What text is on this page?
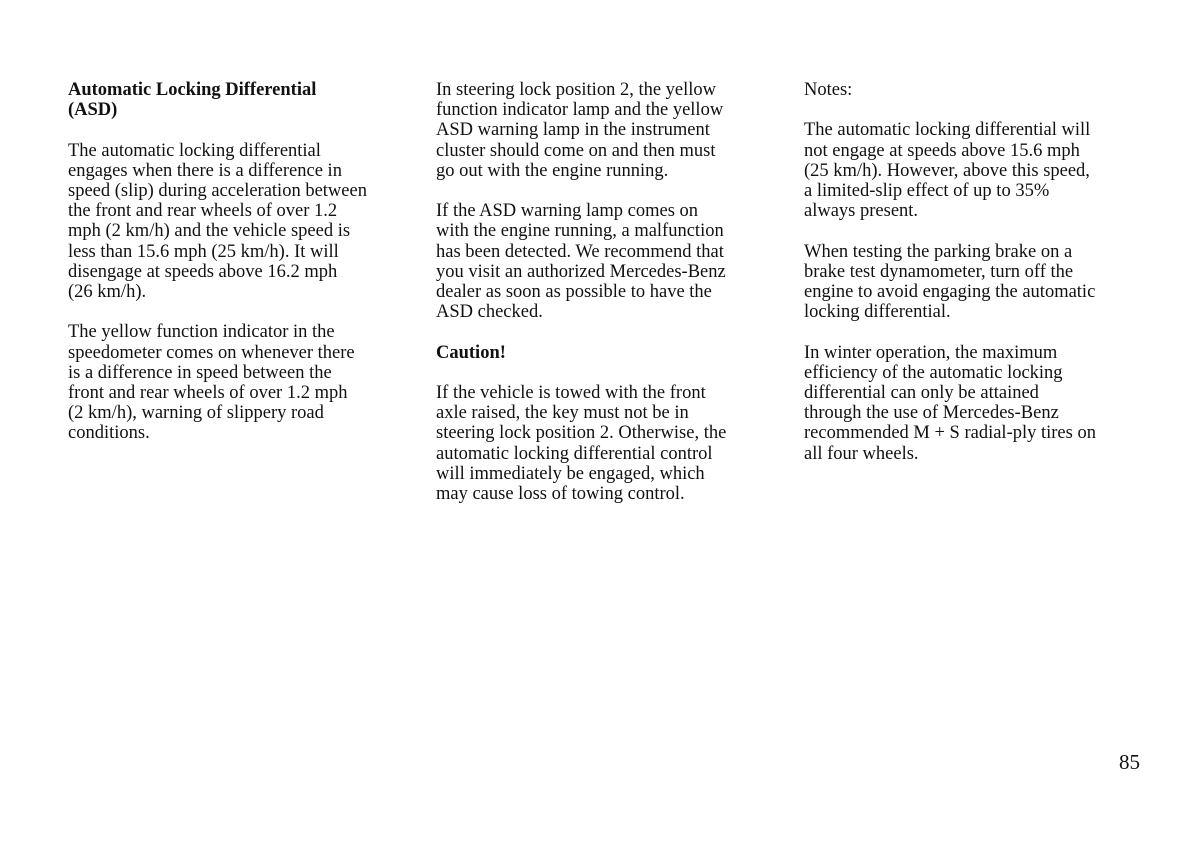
Automatic Locking Differential
(ASD)
The automatic locking differential
engages when there is a difference in
speed (slip) during acceleration between
the front and rear wheels of over 1.2
mph (2 km/h) and the vehicle speed is
less than 15.6 mph (25 km/h). It will
disengage at speeds above 16.2 mph
(26 km/h).
The yellow function indicator in the
speedometer comes on whenever there
is a difference in speed between the
front and rear wheels of over 1.2 mph
(2 km/h), warning of slippery road
conditions.
In steering lock position 2, the yellow
function indicator lamp and the yellow
ASD warning lamp in the instrument
cluster should come on and then must
go out with the engine running.
If the ASD warning lamp comes on
with the engine running, a malfunction
has been detected. We recommend that
you visit an authorized Mercedes-Benz
dealer as soon as possible to have the
ASD checked.
Caution!
If the vehicle is towed with the front
axle raised, the key must not be in
steering lock position 2. Otherwise, the
automatic locking differential control
will immediately be engaged, which
may cause loss of towing control.
Notes:
The automatic locking differential will
not engage at speeds above 15.6 mph
(25 km/h). However, above this speed,
a limited-slip effect of up to 35%
always present.
When testing the parking brake on a
brake test dynamometer, turn off the
engine to avoid engaging the automatic
locking differential.
In winter operation, the maximum
efficiency of the automatic locking
differential can only be attained
through the use of Mercedes-Benz
recommended M + S radial-ply tires on
all four wheels.
85
